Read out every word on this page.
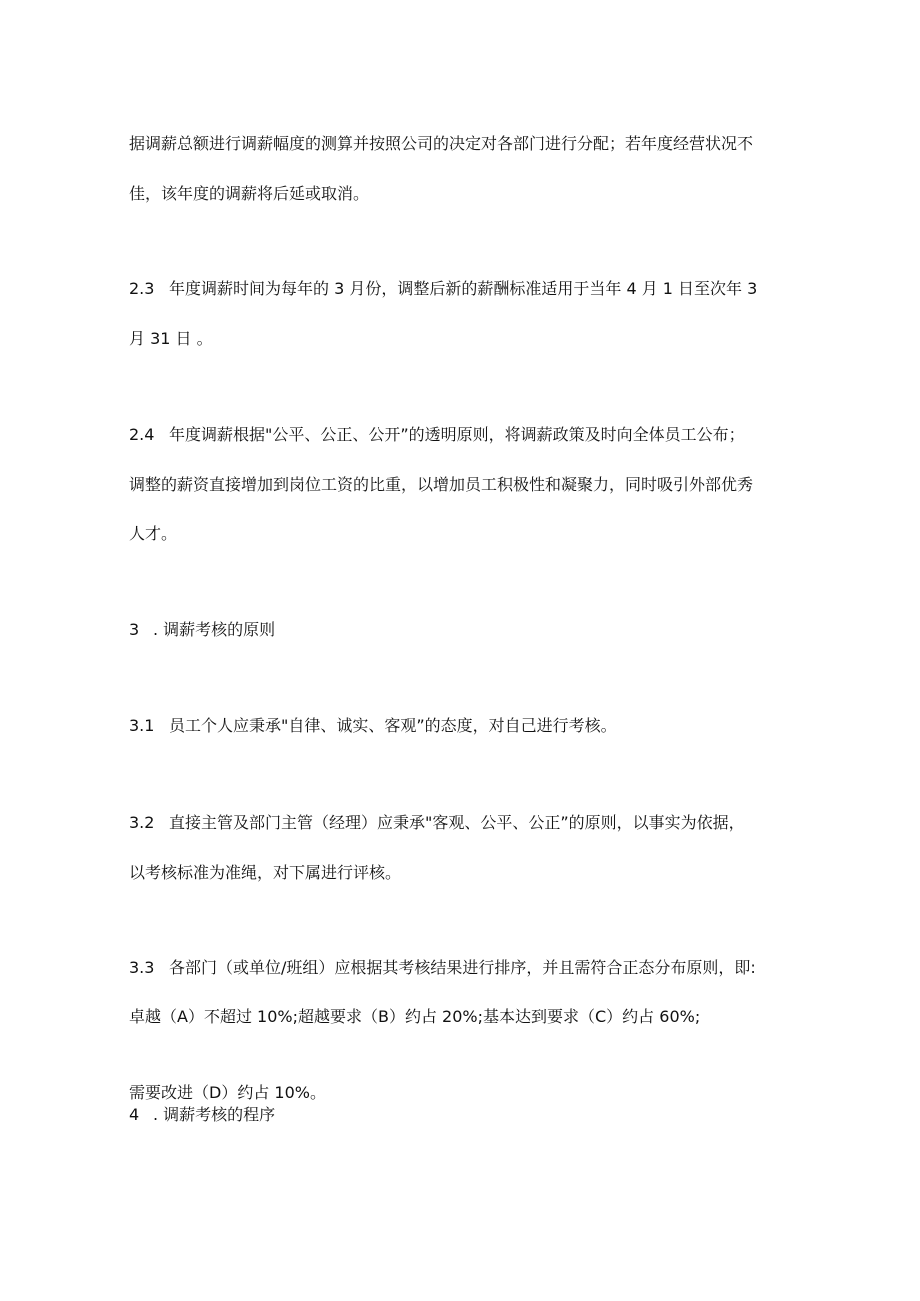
据调薪总额进行调薪幅度的测算并按照公司的决定对各部门进行分配；若年度经营状况不

佳，该年度的调薪将后延或取消。

2.3 年度调薪时间为每年的 3 月份，调整后新的薪酬标准适用于当年 4 月 1 日至次年 3

月 31 日 。

2.4 年度调薪根据"公平、公正、公开”的透明原则，将调薪政策及时向全体员工公布；

调整的薪资直接增加到岗位工资的比重，以增加员工积极性和凝聚力，同时吸引外部优秀

人才。

3 . 调薪考核的原则

3.1 员工个人应秉承"自律、诚实、客观”的态度，对自己进行考核。

3.2 直接主管及部门主管（经理）应秉承"客观、公平、公正”的原则，以事实为依据，

以考核标准为准绳，对下属进行评核。

3.3 各部门（或单位/班组）应根据其考核结果进行排序，并且需符合正态分布原则，即:

卓越（A）不超过 10%;超越要求（B）约占 20%;基本达到要求（C）约占 60%;

需要改进（D）约占 10%。

4 . 调薪考核的程序
